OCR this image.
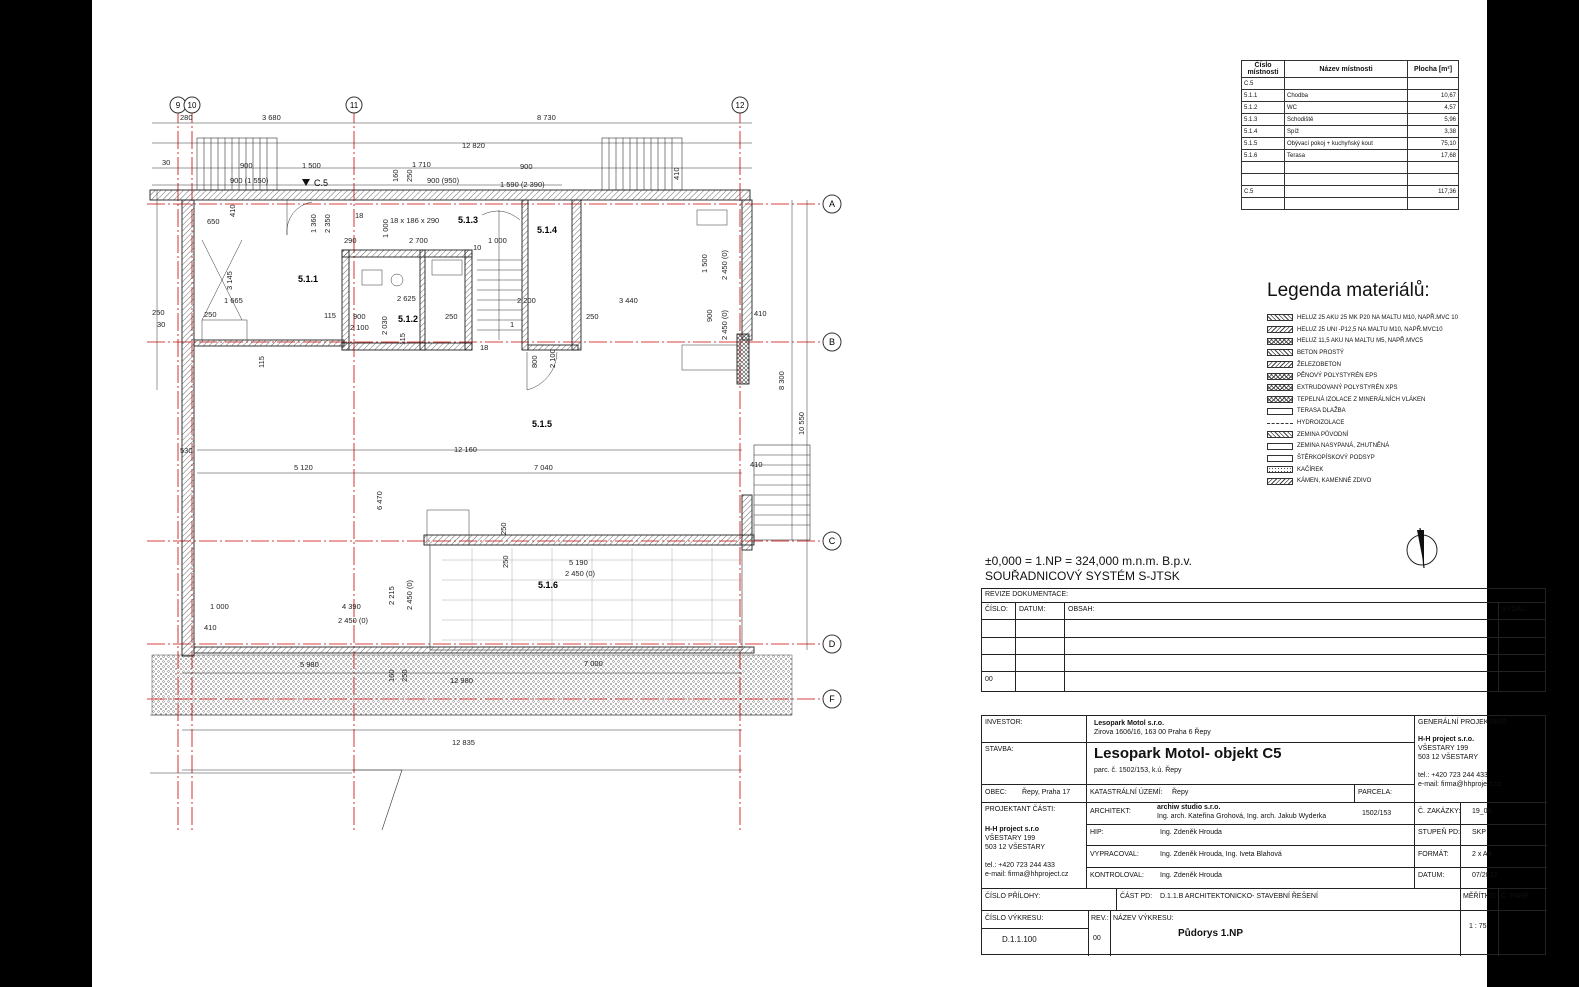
9 10	11	12
A
B
C
D
F
C.5
5.1.1
5.1.2
5.1.3
5.1.4
5.1.5
5.1.6
280	3 680	8 730
12 820
30	900	1 500	1 710	900
900 (1 550)	160 250 900 (950)	1 590 (2 390)
410
650
410
1 360 2 350	18
18 x 186 x 290
1 000
2 700
290
10
1 000
3 145
1 665
250
30
250	115 900
2 100 2 030
2 625
115
250
2 200	3 440
250
1 500 2 450 (0)
2 450 (0)
900	410
115
18
800 2 100
8 300
10 550
530	12 160
5 120	7 040	410
6 470
250
5 190
2 450 (0)
250
1 000	4 390
2 215 2 450 (0)
2 450 (0)
410
5 980	7 000
160 250	12 980
12 835
1
Číslo místnosti	Název místnosti	Plocha [m²]
C.5		
5.1.1	Chodba	10,67
5.1.2	WC	4,57
5.1.3	Schodiště	5,96
5.1.4	Spíž	3,38
5.1.5	Obývací pokoj + kuchyňský kout	75,10
5.1.6	Terasa	17,68

C.5		117,36

Legenda materiálů:
HELUZ 25 AKU 25 MK P20 NA MALTU M10, NAPŘ.MVC 10
HELUZ 25 UNI -P12,5 NA MALTU M10, NAPŘ.MVC10
HELUZ 11,5 AKU NA MALTU M5, NAPŘ.MVC5
BETON PROSTÝ
ŽELEZOBETON
PĚNOVÝ POLYSTYRÉN EPS
EXTRUDOVANÝ POLYSTYRÉN XPS
TEPELNÁ IZOLACE Z MINERÁLNÍCH VLÁKEN
TERASA DLAŽBA
HYDROIZOLACE
ZEMINA PŮVODNÍ
ZEMINA NASYPANÁ, ZHUTNĚNÁ
ŠTĚRKOPÍSKOVÝ PODSYP
KAČÍREK
KÁMEN, KAMENNÉ ZDIVO
±0,000 = 1.NP = 324,000 m.n.m. B.p.v.
SOUŘADNICOVÝ SYSTÉM S-JTSK
REVIZE DOKUMENTACE:
ČÍSLO: DATUM:	OBSAH:	VYDAL:
00
INVESTOR:	Lesopark Motol s.r.o.
Zirova 1606/16, 163 00 Praha 6 Řepy
STAVBA:	Lesopark Motol- objekt C5
parc. č. 1502/153, k.ú. Řepy
OBEC: Řepy, Praha 17	KATASTRÁLNÍ ÚZEMÍ: Řepy	PARCELA:
GENERÁLNÍ PROJEKTANT:
H-H project s.r.o.
VŠESTARY 199
503 12 VŠESTARY
tel.: +420 723 244 433
e-mail: firma@hhproject.cz
PROJEKTANT ČÁSTI:
H-H project s.r.o
VŠESTARY 199
503 12 VŠESTARY
tel.: +420 723 244 433
e-mail: firma@hhproject.cz
ARCHITEKT:
archiw studio s.r.o.
Ing. arch. Kateřina Grohová, Ing. arch. Jakub Wyderka	1502/153
HIP:	Ing. Zdeněk Hrouda
VYPRACOVAL:	Ing. Zdeněk Hrouda, Ing. Iveta Blahová
KONTROLOVAL: Ing. Zdeněk Hrouda
Č. ZAKÁZKY: 19_06
STUPEŇ PD: SKP
FORMÁT:	2 x A4
DATUM:	07/2022
ČÍSLO PŘÍLOHY:	ČÁST PD: D.1.1.B ARCHITEKTONICKO- STAVEBNÍ ŘEŠENÍ	MĚŘÍTKO: Č. PARÉ:
ČÍSLO VÝKRESU:
D.1.1.100
REV.:
00
NÁZEV VÝKRESU:
Půdorys 1.NP
1 : 75
